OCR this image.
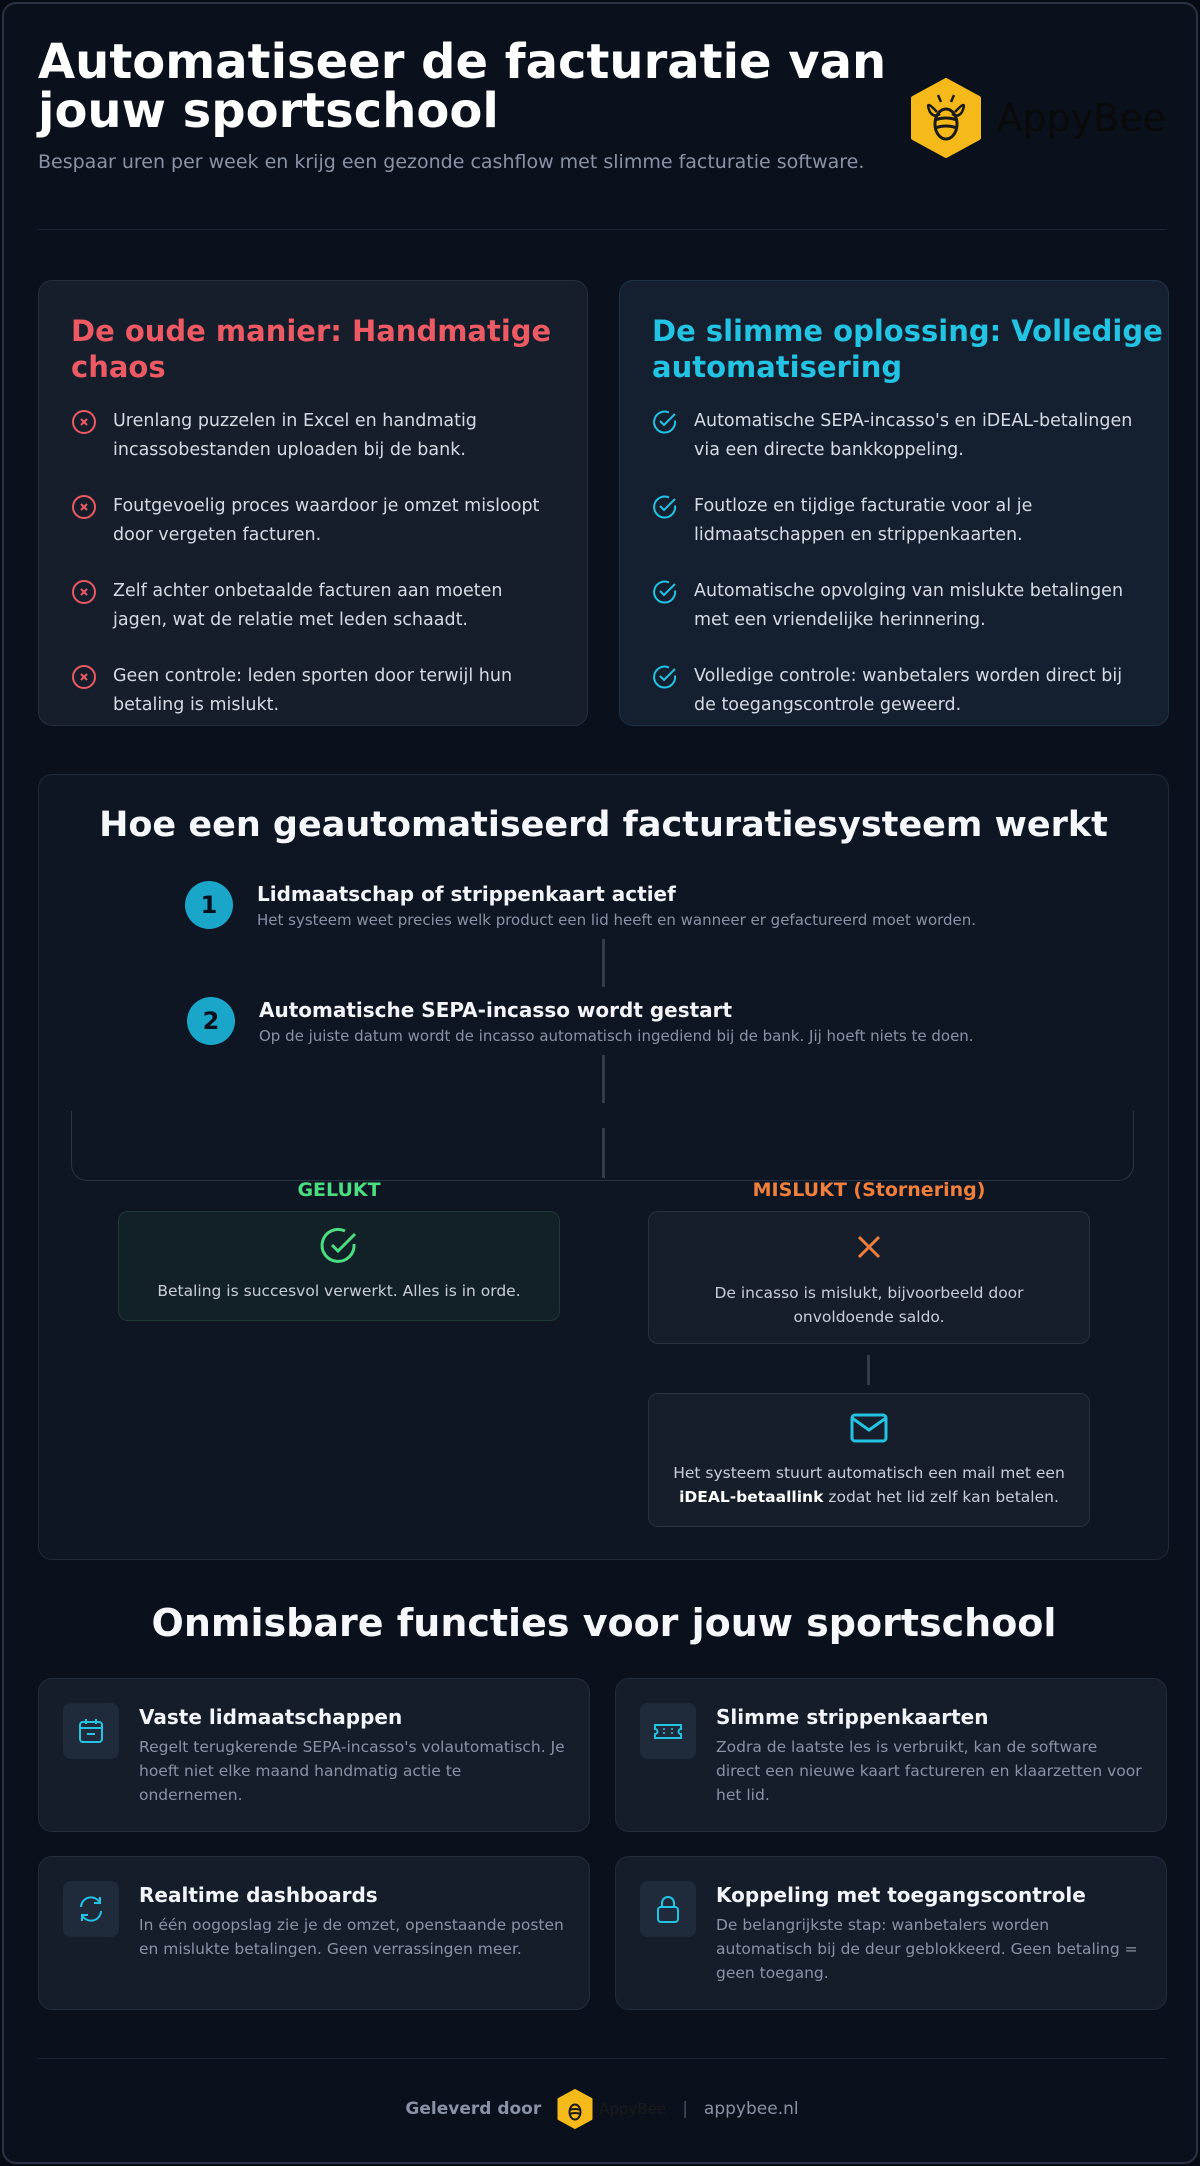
Automatiseer de facturatie van jouw sportschool

Bespaar uren per week en krijg een gezonde cashflow met slimme facturatie software.

AppyBee
De oude manier: Handmatige chaos
Urenlang puzzelen in Excel en handmatig incassobestanden uploaden bij de bank.
Foutgevoelig proces waardoor je omzet misloopt door vergeten facturen.
Zelf achter onbetaalde facturen aan moeten jagen, wat de relatie met leden schaadt.
Geen controle: leden sporten door terwijl hun betaling is mislukt.
De slimme oplossing: Volledige automatisering
Automatische SEPA-incasso's en iDEAL-betalingen via een directe bankkoppeling.
Foutloze en tijdige facturatie voor al je lidmaatschappen en strippenkaarten.
Automatische opvolging van mislukte betalingen met een vriendelijke herinnering.
Volledige controle: wanbetalers worden direct bij de toegangscontrole geweerd.
Hoe een geautomatiseerd facturatiesysteem werkt
1	Lidmaatschap of strippenkaart actief
Het systeem weet precies welk product een lid heeft en wanneer er gefactureerd moet worden.
2	Automatische SEPA-incasso wordt gestart
Op de juiste datum wordt de incasso automatisch ingediend bij de bank. Jij hoeft niets te doen.
GELUKT	MISLUKT (Stornering)
Betaling is succesvol verwerkt. Alles is in orde.	De incasso is mislukt, bijvoorbeeld door onvoldoende saldo.
Het systeem stuurt automatisch een mail met een iDEAL-betaallink zodat het lid zelf kan betalen.
Onmisbare functies voor jouw sportschool
Vaste lidmaatschappen
Regelt terugkerende SEPA-incasso's volautomatisch. Je hoeft niet elke maand handmatig actie te ondernemen.
Slimme strippenkaarten
Zodra de laatste les is verbruikt, kan de software direct een nieuwe kaart factureren en klaarzetten voor het lid.
Realtime dashboards
In één oogopslag zie je de omzet, openstaande posten en mislukte betalingen. Geen verrassingen meer.
Koppeling met toegangscontrole
De belangrijkste stap: wanbetalers worden automatisch bij de deur geblokkeerd. Geen betaling = geen toegang.
Geleverd door	AppyBee | appybee.nl
